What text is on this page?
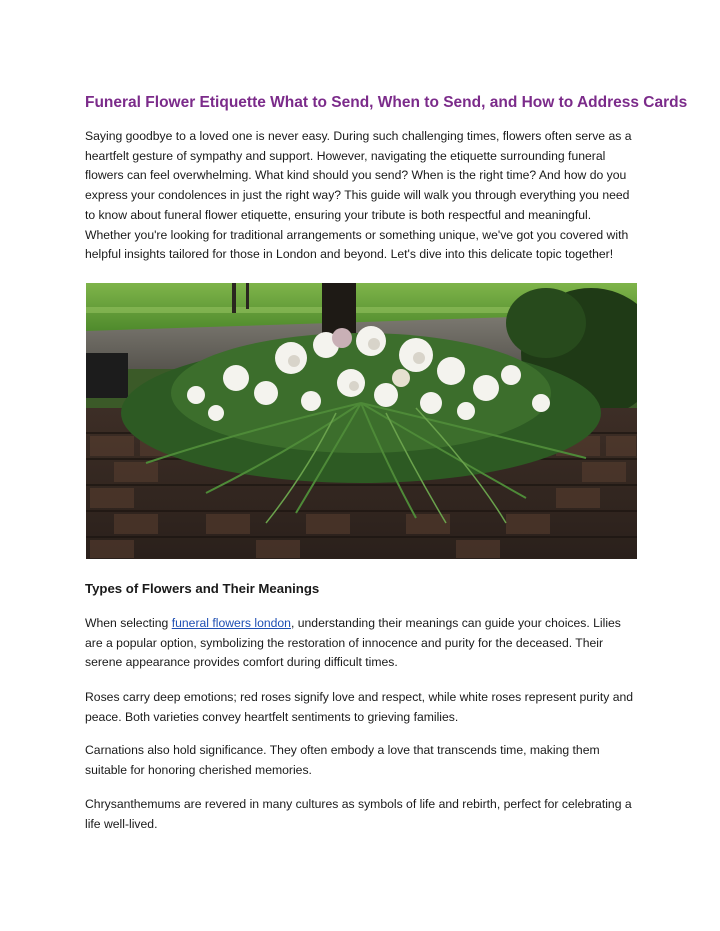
Funeral Flower Etiquette What to Send, When to Send, and How to Address Cards

Saying goodbye to a loved one is never easy. During such challenging times, flowers often serve as a heartfelt gesture of sympathy and support. However, navigating the etiquette surrounding funeral flowers can feel overwhelming. What kind should you send? When is the right time? And how do you express your condolences in just the right way? This guide will walk you through everything you need to know about funeral flower etiquette, ensuring your tribute is both respectful and meaningful. Whether you're looking for traditional arrangements or something unique, we've got you covered with helpful insights tailored for those in London and beyond. Let's dive into this delicate topic together!

Types of Flowers and Their Meanings

When selecting funeral flowers london, understanding their meanings can guide your choices. Lilies are a popular option, symbolizing the restoration of innocence and purity for the deceased. Their serene appearance provides comfort during difficult times.

Roses carry deep emotions; red roses signify love and respect, while white roses represent purity and peace. Both varieties convey heartfelt sentiments to grieving families.

Carnations also hold significance. They often embody a love that transcends time, making them suitable for honoring cherished memories.

Chrysanthemums are revered in many cultures as symbols of life and rebirth, perfect for celebrating a life well-lived.
